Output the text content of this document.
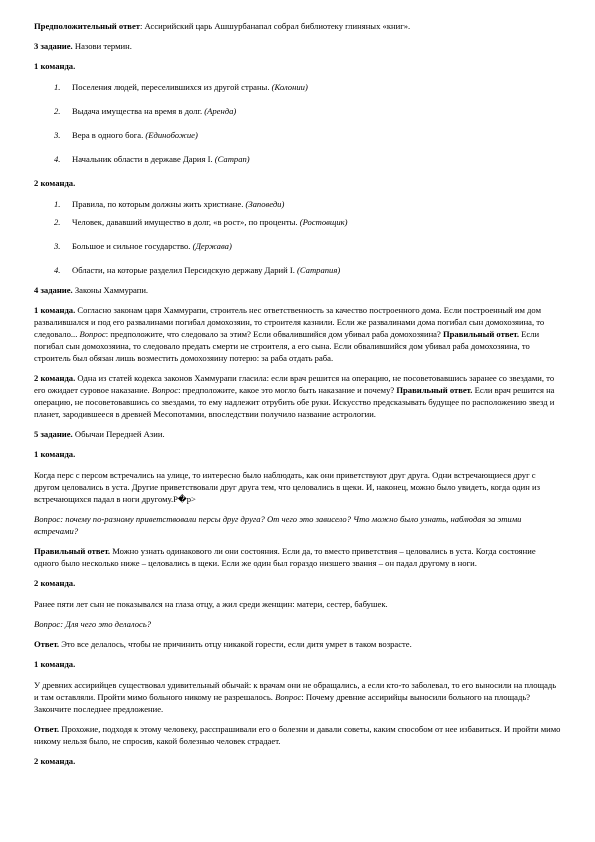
Предположительный ответ: Ассирийский царь Ашшурбанапал собрал библиотеку глиняных «книг».

3 задание. Назови термин.

1 команда.

1. Поселения людей, переселившихся из другой страны. (Колонии)
2. Выдача имущества на время в долг. (Аренда)
3. Вера в одного бога. (Единобожие)
4. Начальник области в державе Дария I. (Сатрап)

2 команда.

1. Правила, по которым должны жить христиане. (Заповеди)
2. Человек, дававший имущество в долг, «в рост», по проценты. (Ростовщик)
3. Большое и сильное государство. (Держава)
4. Области, на которые разделил Персидскую державу Дарий I. (Сатрапия)

4 задание. Законы Хаммурапи.

1 команда. Согласно законам царя Хаммурапи, строитель нес ответственность за качество построенного дома. Если построенный им дом развалившался и под его развалинами погибал домохозяин, то строителя казнили. Если же развалинами дома погибал сын домохозяина, то следовало... Вопрос: предположите, что следовало за этим? Если обвалившийся дом убивал раба домохозяина? Правильный ответ. Если погибал сын домохозяина, то следовало предать смерти не строителя, а его сына. Если обвалившийся дом убивал раба домохозяина, то строитель был обязан лишь возместить домохозяину потерю: за раба отдать раба.

2 команда. Одна из статей кодекса законов Хаммурапи гласила: если врач решится на операцию, не посоветовавшись заранее со звездами, то его ожидает суровое наказание. Вопрос: предположите, какое это могло быть наказание и почему? Правильный ответ. Если врач решится на операцию, не посоветовавшись со звездами, то ему надлежит отрубить обе руки. Искусство предсказывать будущее по расположению звезд и планет, зародившееся в древней Месопотамии, впоследствии получило название астрологии.

5 задание. Обычаи Передней Азии.

1 команда.

Когда перс с персом встречались на улице, то интересно было наблюдать, как они приветствуют друг друга. Одни встречающиеся друг с другом целовались в уста. Другие приветствовали друг друга тем, что целовались в щеки. И, наконец, можно было увидеть, когда один из встречающихся падал в ноги другому.Р�р>

Вопрос: почему по-разному приветствовали персы друг друга? От чего это зависело? Что можно было узнать, наблюдая за этими встречами?

Правильный ответ. Можно узнать одинакового ли они состояния. Если да, то вместо приветствия – целовались в уста. Когда состояние одного было несколько ниже – целовались в щеки. Если же один был гораздо низшего звания – он падал другому в ноги.

2 команда.

Ранее пяти лет сын не показывался на глаза отцу, а жил среди женщин: матери, сестер, бабушек.

Вопрос: Для чего это делалось?

Ответ. Это все делалось, чтобы не причинить отцу никакой горести, если дитя умрет в таком возрасте.

1 команда.

У древних ассирийцев существовал удивительный обычай: к врачам они не обращались, а если кто-то заболевал, то его выносили на площадь и там оставляли. Пройти мимо больного никому не разрешалось. Вопрос: Почему древние ассирийцы выносили больного на площадь? Закончите последнее предложение.

Ответ. Прохожие, подходя к этому человеку, расспрашивали его о болезни и давали советы, каким способом от нее избавиться. И пройти мимо никому нельзя было, не спросив, какой болезнью человек страдает.

2 команда.
